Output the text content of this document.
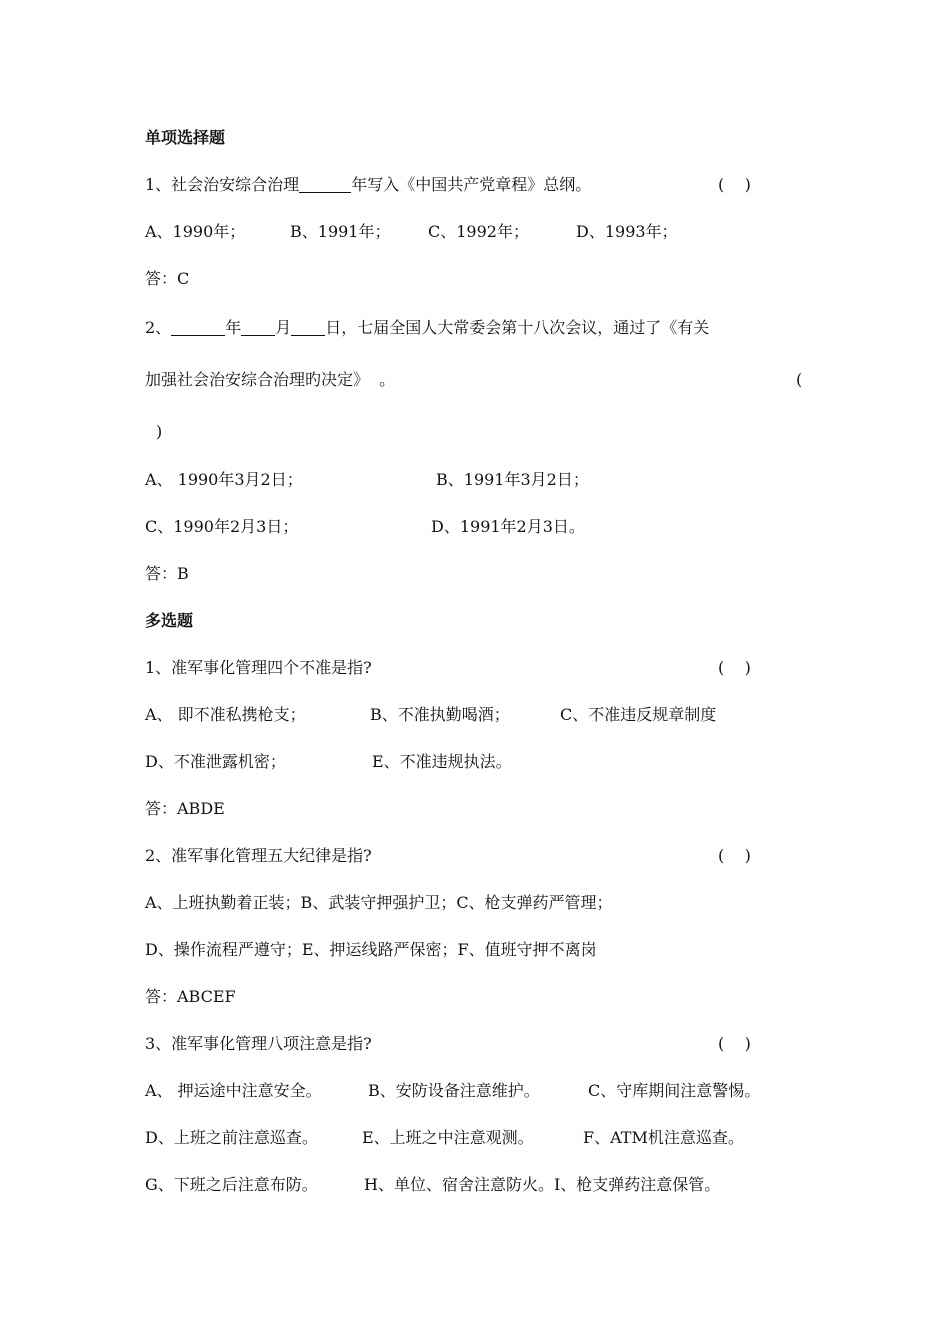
单项选择题
1、社会治安综合治理	年写入《中国共产党章程》总纲。	(    )
A、1990年；	B、1991年； C、1992年；	D、1993年；
答：C
2、	年 月 日，七届全国人大常委会第十八次会议，通过了《有关
加强社会治安综合治理旳决定》  。	(
)
A、 1990年3月2日；	B、1991年3月2日；
C、1990年2月3日；	D、1991年2月3日。
答：B
多选题
1、准军事化管理四个不准是指?	(    )
A、 即不准私携枪支；	B、不准执勤喝酒；	C、不准违反规章制度
D、不准泄露机密；	E、不准违规执法。
答：ABDE
2、准军事化管理五大纪律是指?	(    )
A、上班执勤着正装；B、武装守押强护卫；C、枪支弹药严管理；
D、操作流程严遵守；E、押运线路严保密；F、值班守押不离岗
答：ABCEF
3、准军事化管理八项注意是指?	(    )
A、 押运途中注意安全。	B、安防设备注意维护。	C、守库期间注意警惕。
D、上班之前注意巡查。	E、上班之中注意观测。	F、ATM机注意巡查。
G、下班之后注意布防。	H、单位、宿舍注意防火。I、枪支弹药注意保管。
